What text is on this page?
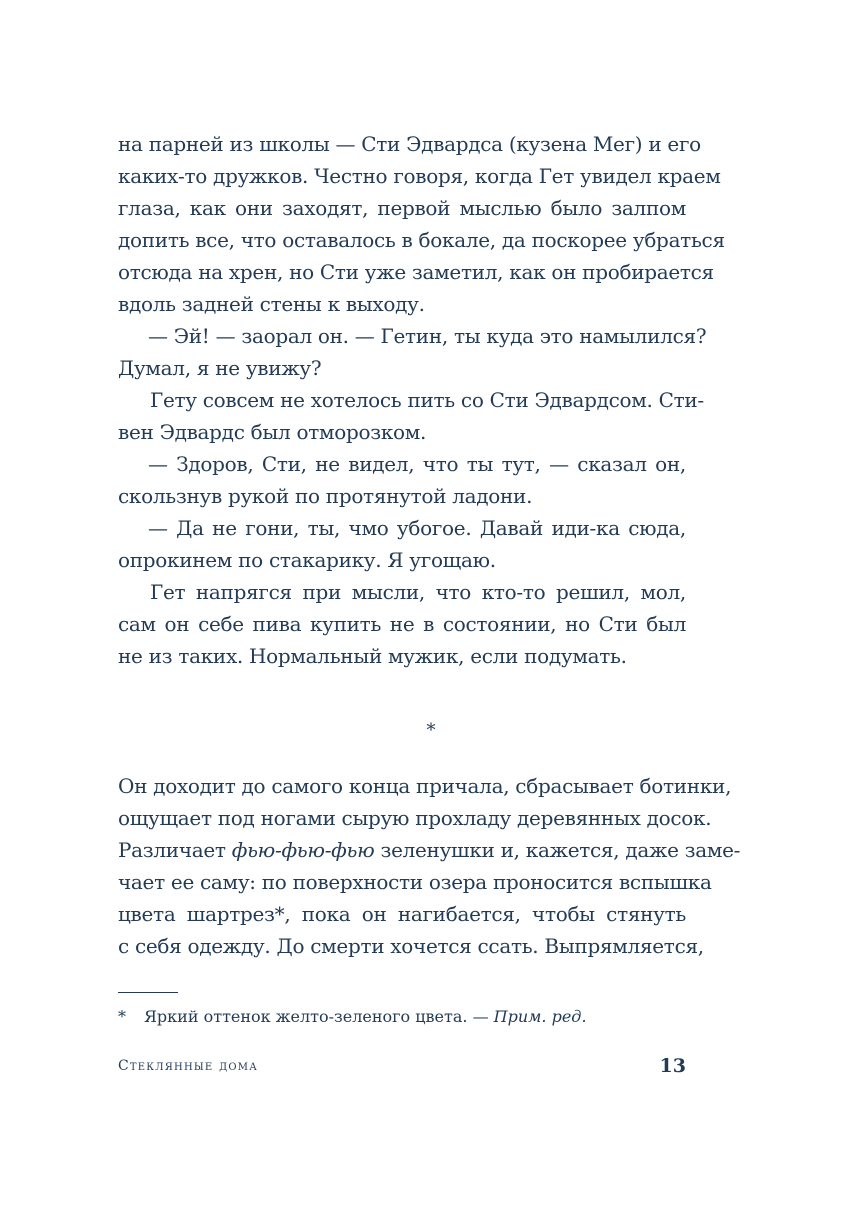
на парней из школы — Сти Эдвардса (кузена Мег) и его
каких-то дружков. Честно говоря, когда Гет увидел краем
глаза, как они заходят, первой мыслью было залпом
допить все, что оставалось в бокале, да поскорее убраться
отсюда на хрен, но Сти уже заметил, как он пробирается
вдоль задней стены к выходу.
— Эй! — заорал он. — Гетин, ты куда это намылился?
Думал, я не увижу?
Гету совсем не хотелось пить со Сти Эдвардсом. Сти-
вен Эдвардс был отморозком.
— Здоров, Сти, не видел, что ты тут, — сказал он,
скользнув рукой по протянутой ладони.
— Да не гони, ты, чмо убогое. Давай иди-ка сюда,
опрокинем по стакарику. Я угощаю.
Гет напрягся при мысли, что кто-то решил, мол,
сам он себе пива купить не в состоянии, но Сти был
не из таких. Нормальный мужик, если подумать.
*
Он доходит до самого конца причала, сбрасывает ботинки,
ощущает под ногами сырую прохладу деревянных досок.
Различает фью-фью-фью зеленушки и, кажется, даже заме-
чает ее саму: по поверхности озера проносится вспышка
цвета шартрез*, пока он нагибается, чтобы стянуть
с себя одежду. До смерти хочется ссать. Выпрямляется,
* Яркий оттенок желто-зеленого цвета. — Прим. ред.
Стеклянные дома	13
